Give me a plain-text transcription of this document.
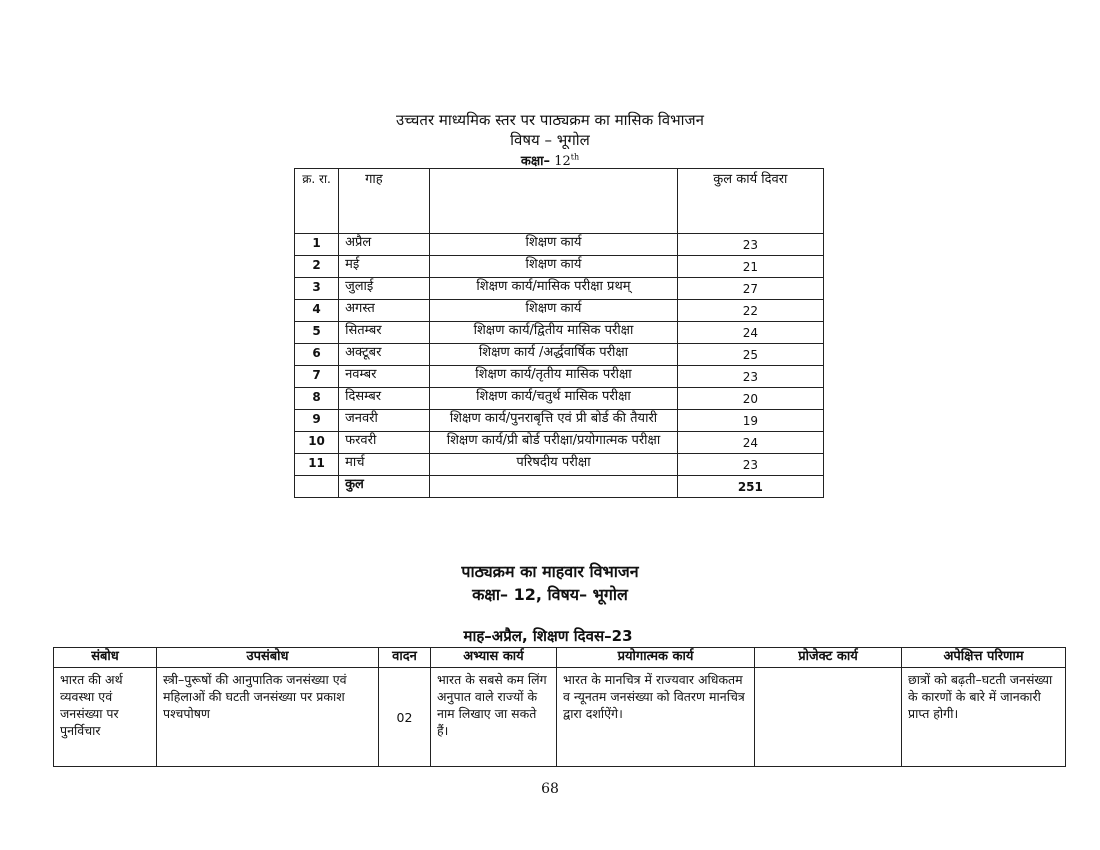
उच्चतर माध्यमिक स्तर पर पाठ्यक्रम का मासिक विभाजन
विषय – भूगोल
कक्षा– 12th
क्र. रा.	गाह		कुल कार्य दिवरा
1	अप्रैल	शिक्षण कार्य	23
2	मई	शिक्षण कार्य	21
3	जुलाई	शिक्षण कार्य/मासिक परीक्षा प्रथम्	27
4	अगस्त	शिक्षण कार्य	22
5	सितम्बर	शिक्षण कार्य/द्वितीय मासिक परीक्षा	24
6	अक्टूबर	शिक्षण कार्य /अर्द्धवार्षिक परीक्षा	25
7	नवम्बर	शिक्षण कार्य/तृतीय मासिक परीक्षा	23
8	दिसम्बर	शिक्षण कार्य/चतुर्थ मासिक परीक्षा	20
9	जनवरी	शिक्षण कार्य/पुनराबृत्ति एवं प्री बोर्ड की तैयारी	19
10	फरवरी	शिक्षण कार्य/प्री बोर्ड परीक्षा/प्रयोगात्मक परीक्षा	24
11	मार्च	परिषदीय परीक्षा	23
	कुल		251
पाठ्यक्रम का माहवार विभाजन
कक्षा– 12, विषय– भूगोल
माह–अप्रैल, शिक्षण दिवस–23
संबोध	उपसंबोध	वादन	अभ्यास कार्य	प्रयोगात्मक कार्य	प्रोजेक्ट कार्य	अपेक्षित्त परिणाम
भारत की अर्थ व्यवस्था एवं जनसंख्या पर पुनर्विचार	स्त्री–पुरूषों की आनुपातिक जनसंख्या एवं महिलाओं की घटती जनसंख्या पर प्रकाश पश्चपोषण	02	भारत के सबसे कम लिंग अनुपात वाले राज्यों के नाम लिखाए जा सकते हैं।	भारत के मानचित्र में राज्यवार अधिकतम व न्यूनतम जनसंख्या को वितरण मानचित्र द्वारा दर्शाऐंगे।		छात्रों को बढ़ती–घटती जनसंख्या के कारणों के बारे में जानकारी प्राप्त होगी।
68
